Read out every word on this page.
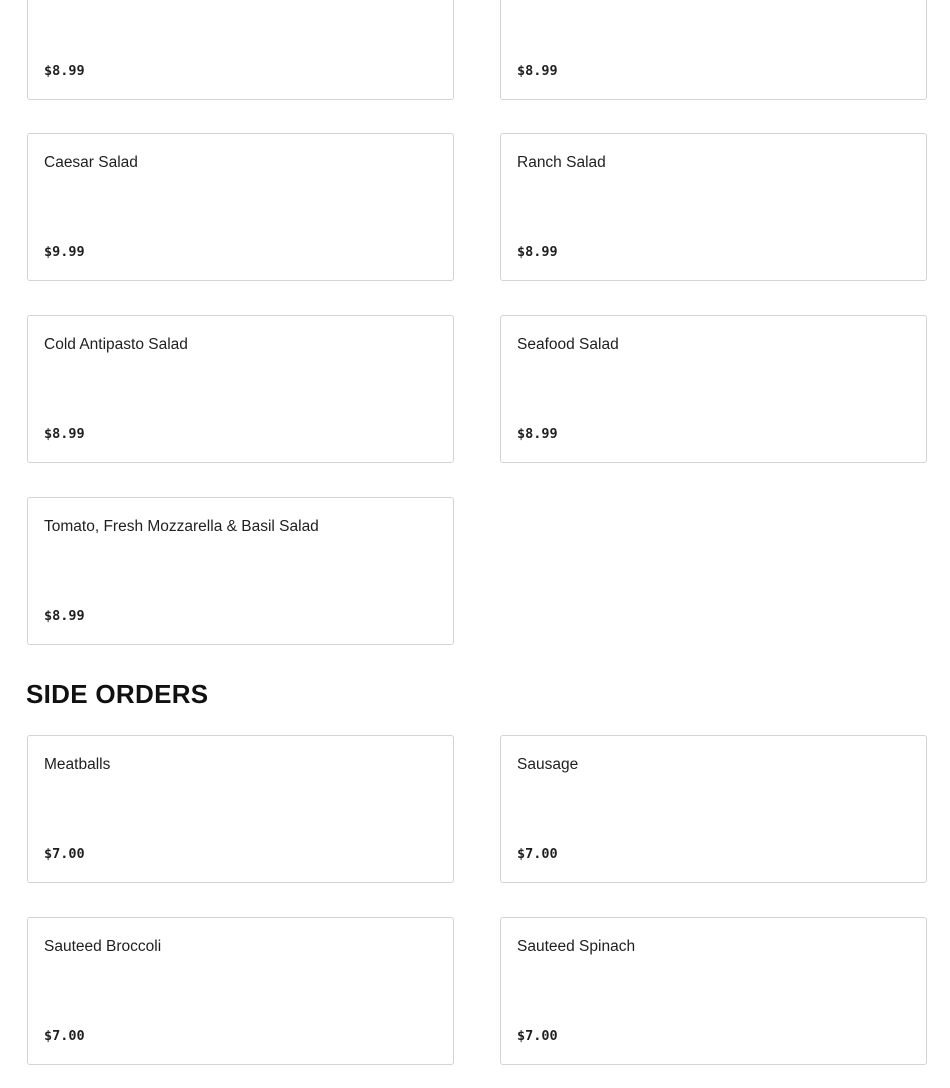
$8.99	$8.99
Caesar Salad
$9.99
Ranch Salad
$8.99
Cold Antipasto Salad
$8.99
Seafood Salad
$8.99
Tomato, Fresh Mozzarella & Basil Salad
$8.99
SIDE ORDERS
Meatballs
$7.00
Sausage
$7.00
Sauteed Broccoli
$7.00
Sauteed Spinach
$7.00
